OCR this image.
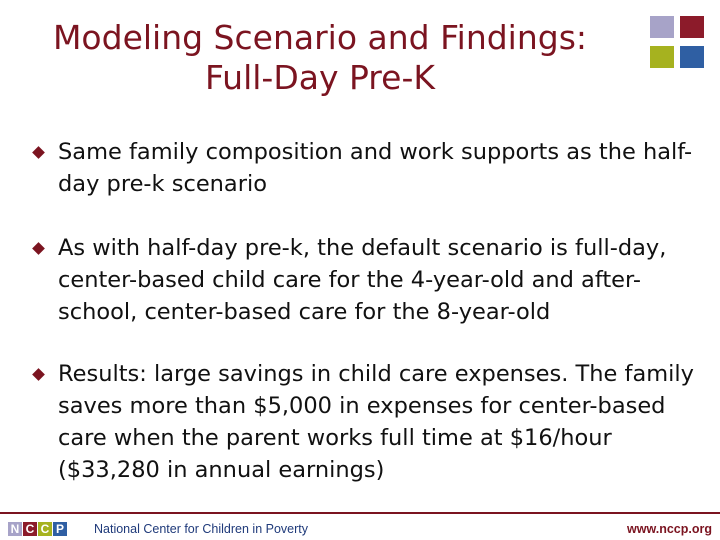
Modeling Scenario and Findings:
Full-Day Pre-K
Same family composition and work supports as the half-day pre-k scenario
As with half-day pre-k, the default scenario is full-day, center-based child care for the 4-year-old and after-school, center-based care for the 8-year-old
Results: large savings in child care expenses. The family saves more than $5,000 in expenses for center-based care when the parent works full time at $16/hour ($33,280 in annual earnings)
N C C P National Center for Children in Poverty	www.nccp.org
